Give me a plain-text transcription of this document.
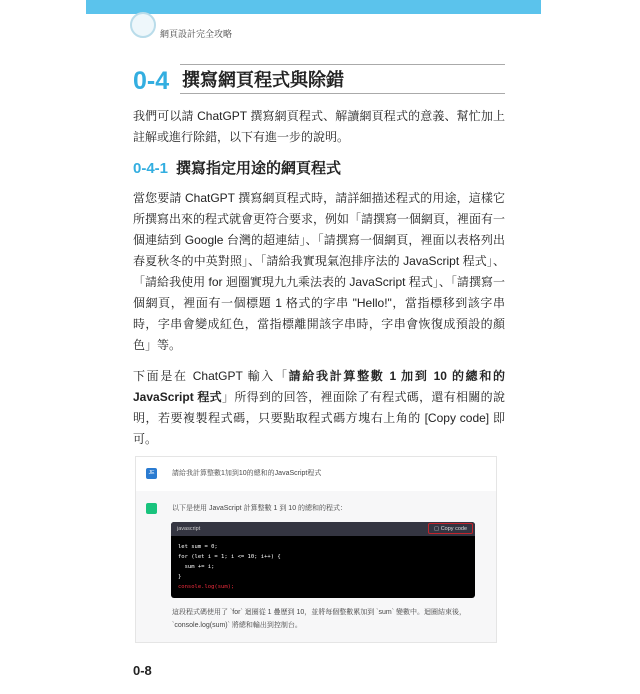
網頁設計完全攻略
0-4 撰寫網頁程式與除錯
我們可以請 ChatGPT 撰寫網頁程式、解讀網頁程式的意義、幫忙加上註解或進行除錯，以下有進一步的說明。
0-4-1 撰寫指定用途的網頁程式
當您要請 ChatGPT 撰寫網頁程式時，請詳細描述程式的用途，這樣它所撰寫出來的程式就會更符合要求，例如「請撰寫一個網頁，裡面有一個連結到 Google 台灣的超連結」、「請撰寫一個網頁，裡面以表格列出春夏秋冬的中英對照」、「請給我實現氣泡排序法的 JavaScript 程式」、「請給我使用 for 迴圈實現九九乘法表的 JavaScript 程式」、「請撰寫一個網頁，裡面有一個標題 1 格式的字串 "Hello!"，當指標移到該字串時，字串會變成紅色，當指標離開該字串時，字串會恢復成預設的顏色」等。
下面是在 ChatGPT 輸入「請給我計算整數 1 加到 10 的總和的 JavaScript 程式」所得到的回答，裡面除了有程式碼，還有相關的說明，若要複製程式碼，只要點取程式碼方塊右上角的 [Copy code] 即可。
JE	請給我計算整數1加到10的總和的JavaScript程式
以下是使用 JavaScript 計算整數 1 到 10 的總和的程式：
javascript	▢ Copy code
let sum = 0;
for (let i = 1; i <= 10; i++) {
sum += i;
}
console.log(sum);
這段程式碼使用了 `for` 迴圈從 1 疊歷到 10，並將每個整數累加到 `sum` 變數中。迴圈結束後，`console.log(sum)` 將總和輸出到控制台。
0-8
